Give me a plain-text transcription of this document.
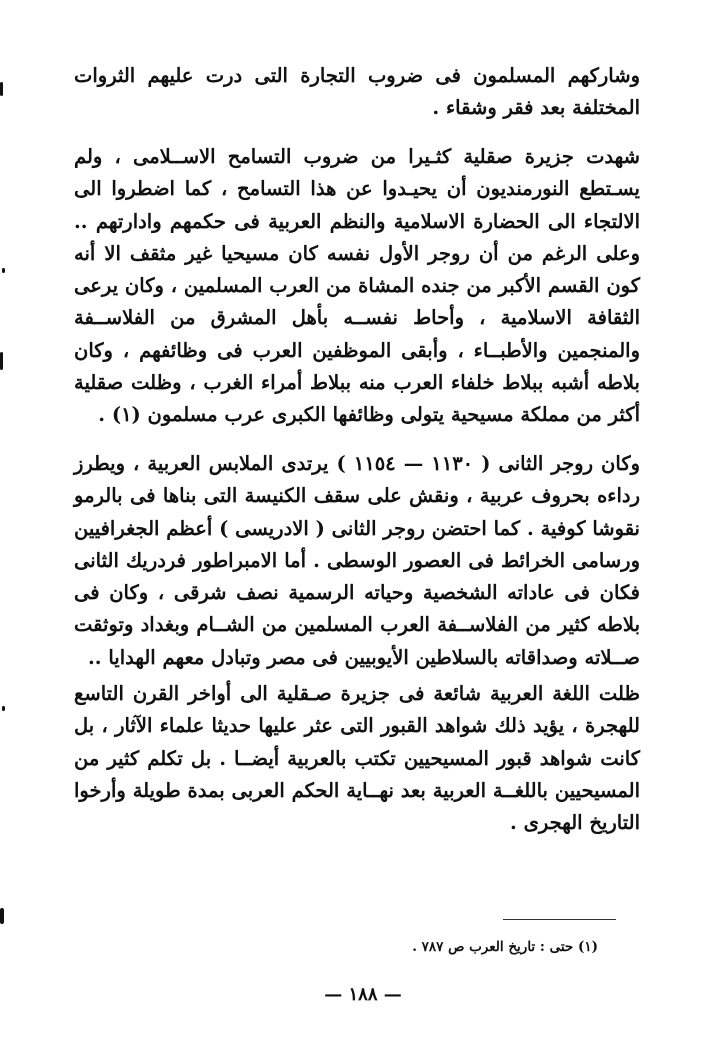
وشاركهم المسلمون فى ضروب التجارة التى درت عليهم الثروات المختلفة بعد فقر وشقاء .

شهدت جزيرة صقلية كثـيرا من ضروب التسامح الاســلامى ، ولم يسـتطع النورمنديون أن يحيـدوا عن هذا التسامح ، كما اضطروا الى الالتجاء الى الحضارة الاسلامية والنظم العربية فى حكمهم وادارتهم .. وعلى الرغم من أن روجر الأول نفسه كان مسيحيا غير مثقف الا أنه كون القسم الأكبر من جنده المشاة من العرب المسلمين ، وكان يرعى الثقافة الاسلامية ، وأحاط نفســه بأهل المشرق من الفلاســفة والمنجمين والأطبــاء ، وأبقى الموظفين العرب فى وظائفهم ، وكان بلاطه أشبه ببلاط خلفاء العرب منه ببلاط أمراء الغرب ، وظلت صقلية أكثر من مملكة مسيحية يتولى وظائفها الكبرى عرب مسلمون (١) .

وكان روجر الثانى ( ١١٣٠ — ١١٥٤ ) يرتدى الملابس العربية ، ويطرز رداءه بحروف عربية ، ونقش على سقف الكنيسة التى بناها فى بالرمو نقوشا كوفية . كما احتضن روجر الثانى ( الادريسى ) أعظم الجغرافيين ورسامى الخرائط فى العصور الوسطى . أما الامبراطور فردريك الثانى فكان فى عاداته الشخصية وحياته الرسمية نصف شرقى ، وكان فى بلاطه كثير من الفلاســفة العرب المسلمين من الشــام وبغداد وتوثقت صــلاته وصداقاته بالسلاطين الأيوبيين فى مصر وتبادل معهم الهدايا ..

ظلت اللغة العربية شائعة فى جزيرة صـقلية الى أواخر القرن التاسع للهجرة ، يؤيد ذلك شواهد القبور التى عثر عليها حديثا علماء الآثار ، بل كانت شواهد قبور المسيحيين تكتب بالعربية أيضــا . بل تكلم كثير من المسيحيين باللغــة العربية بعد نهــاية الحكم العربى بمدة طويلة وأرخوا التاريخ الهجرى .

(١) حتى : تاريخ العرب ص ٧٨٧ .

— ١٨٨ —
